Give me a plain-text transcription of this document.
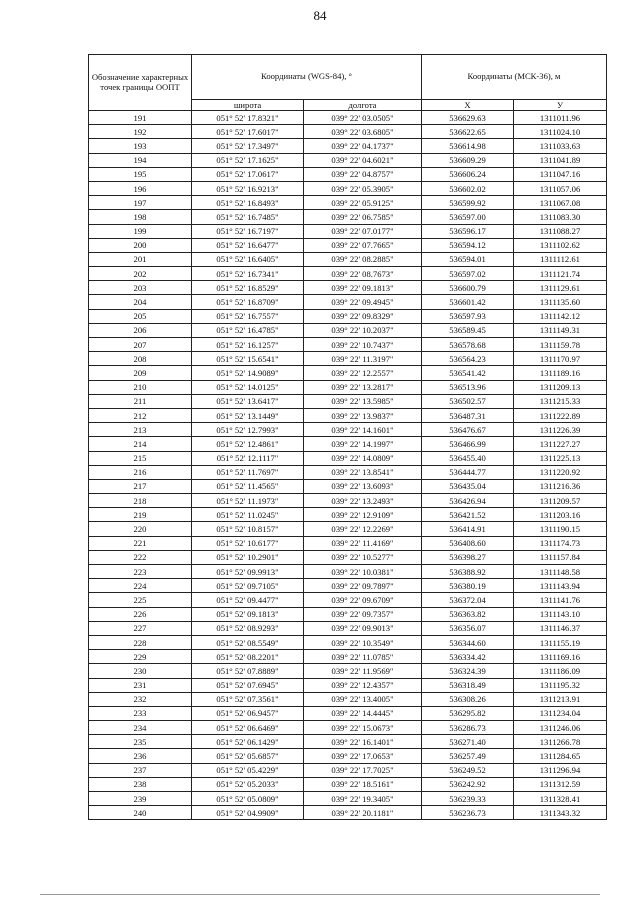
84
Обозначение характерных точек границы ООПТ	Координаты (WGS-84), °		Координаты (МСК-36), м	
	широта	долгота	X	У
191	051° 52' 17.8321"	039° 22' 03.0505"	536629.63	1311011.96
192	051° 52' 17.6017"	039° 22' 03.6805"	536622.65	1311024.10
193	051° 52' 17.3497"	039° 22' 04.1737"	536614.98	1311033.63
194	051° 52' 17.1625"	039° 22' 04.6021"	536609.29	1311041.89
195	051° 52' 17.0617"	039° 22' 04.8757"	536606.24	1311047.16
196	051° 52' 16.9213"	039° 22' 05.3905"	536602.02	1311057.06
197	051° 52' 16.8493"	039° 22' 05.9125"	536599.92	1311067.08
198	051° 52' 16.7485"	039° 22' 06.7585"	536597.00	1311083.30
199	051° 52' 16.7197"	039° 22' 07.0177"	536596.17	1311088.27
200	051° 52' 16.6477"	039° 22' 07.7665"	536594.12	1311102.62
201	051° 52' 16.6405"	039° 22' 08.2885"	536594.01	1311112.61
202	051° 52' 16.7341"	039° 22' 08.7673"	536597.02	1311121.74
203	051° 52' 16.8529"	039° 22' 09.1813"	536600.79	1311129.61
204	051° 52' 16.8709"	039° 22' 09.4945"	536601.42	1311135.60
205	051° 52' 16.7557"	039° 22' 09.8329"	536597.93	1311142.12
206	051° 52' 16.4785"	039° 22' 10.2037"	536589.45	1311149.31
207	051° 52' 16.1257"	039° 22' 10.7437"	536578.68	1311159.78
208	051° 52' 15.6541"	039° 22' 11.3197"	536564.23	1311170.97
209	051° 52' 14.9089"	039° 22' 12.2557"	536541.42	1311189.16
210	051° 52' 14.0125"	039° 22' 13.2817"	536513.96	1311209.13
211	051° 52' 13.6417"	039° 22' 13.5985"	536502.57	1311215.33
212	051° 52' 13.1449"	039° 22' 13.9837"	536487.31	1311222.89
213	051° 52' 12.7993"	039° 22' 14.1601"	536476.67	1311226.39
214	051° 52' 12.4861"	039° 22' 14.1997"	536466.99	1311227.27
215	051° 52' 12.1117"	039° 22' 14.0809"	536455.40	1311225.13
216	051° 52' 11.7697"	039° 22' 13.8541"	536444.77	1311220.92
217	051° 52' 11.4565"	039° 22' 13.6093"	536435.04	1311216.36
218	051° 52' 11.1973"	039° 22' 13.2493"	536426.94	1311209.57
219	051° 52' 11.0245"	039° 22' 12.9109"	536421.52	1311203.16
220	051° 52' 10.8157"	039° 22' 12.2269"	536414.91	1311190.15
221	051° 52' 10.6177"	039° 22' 11.4169"	536408.60	1311174.73
222	051° 52' 10.2901"	039° 22' 10.5277"	536398.27	1311157.84
223	051° 52' 09.9913"	039° 22' 10.0381"	536388.92	1311148.58
224	051° 52' 09.7105"	039° 22' 09.7897"	536380.19	1311143.94
225	051° 52' 09.4477"	039° 22' 09.6709"	536372.04	1311141.76
226	051° 52' 09.1813"	039° 22' 09.7357"	536363.82	1311143.10
227	051° 52' 08.9293"	039° 22' 09.9013"	536356.07	1311146.37
228	051° 52' 08.5549"	039° 22' 10.3549"	536344.60	1311155.19
229	051° 52' 08.2201"	039° 22' 11.0785"	536334.42	1311169.16
230	051° 52' 07.8889"	039° 22' 11.9569"	536324.39	1311186.09
231	051° 52' 07.6945"	039° 22' 12.4357"	536318.49	1311195.32
232	051° 52' 07.3561"	039° 22' 13.4005"	536308.26	1311213.91
233	051° 52' 06.9457"	039° 22' 14.4445"	536295.82	1311234.04
234	051° 52' 06.6469"	039° 22' 15.0673"	536286.73	1311246.06
235	051° 52' 06.1429"	039° 22' 16.1401"	536271.40	1311266.78
236	051° 52' 05.6857"	039° 22' 17.0653"	536257.49	1311284.65
237	051° 52' 05.4229"	039° 22' 17.7025"	536249.52	1311296.94
238	051° 52' 05.2033"	039° 22' 18.5161"	536242.92	1311312.59
239	051° 52' 05.0809"	039° 22' 19.3405"	536239.33	1311328.41
240	051° 52' 04.9909"	039° 22' 20.1181"	536236.73	1311343.32
